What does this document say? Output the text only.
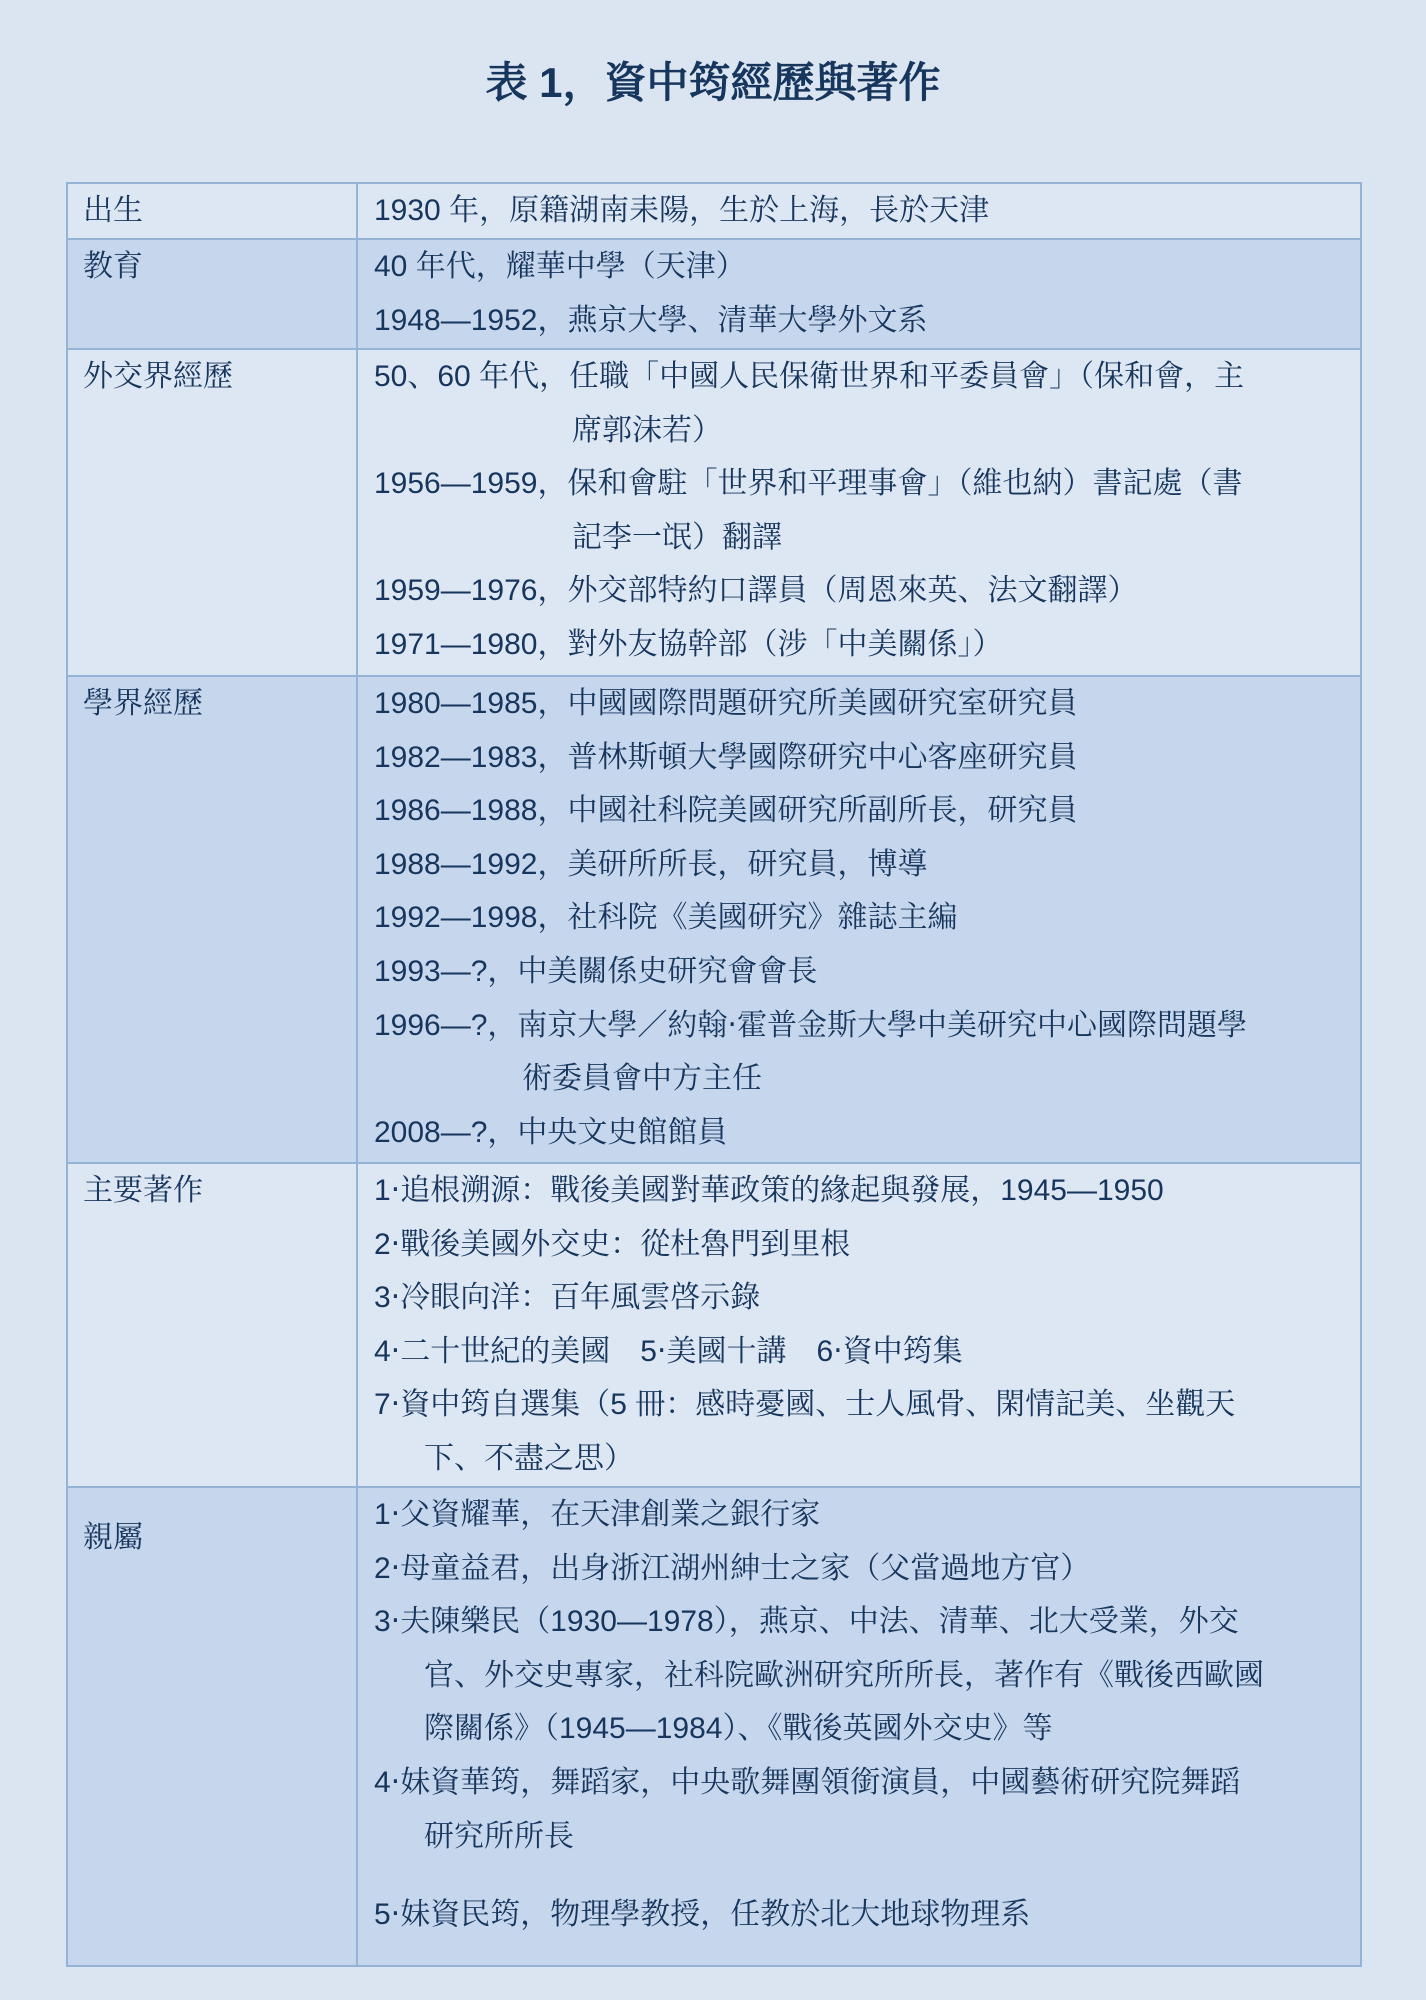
表 1，資中筠經歷與著作
出生	1930 年，原籍湖南耒陽，生於上海，長於天津
教育	40 年代，耀華中學（天津）
1948—1952，燕京大學、清華大學外文系
外交界經歷	50、60 年代，任職「中國人民保衛世界和平委員會」（保和會，主
席郭沫若）
1956—1959，保和會駐「世界和平理事會」（維也納）書記處（書
記李一氓）翻譯
1959—1976，外交部特約口譯員（周恩來英、法文翻譯）
1971—1980，對外友協幹部（涉「中美關係」）
學界經歷	1980—1985，中國國際問題研究所美國研究室研究員
1982—1983，普林斯頓大學國際研究中心客座研究員
1986—1988，中國社科院美國研究所副所長，研究員
1988—1992，美研所所長，研究員，博導
1992—1998，社科院《美國研究》雜誌主編
1993—?，中美關係史研究會會長
1996—?，南京大學／約翰‧霍普金斯大學中美研究中心國際問題學
術委員會中方主任
2008—?，中央文史館館員
主要著作	1‧追根溯源：戰後美國對華政策的緣起與發展，1945—1950
2‧戰後美國外交史：從杜魯門到里根
3‧冷眼向洋：百年風雲啓示錄
4‧二十世紀的美國　5‧美國十講　6‧資中筠集
7‧資中筠自選集（5 冊：感時憂國、士人風骨、閑情記美、坐觀天
下、不盡之思）
親屬
1‧父資耀華，在天津創業之銀行家
2‧母童益君，出身浙江湖州紳士之家（父當過地方官）
3‧夫陳樂民（1930—1978），燕京、中法、清華、北大受業，外交
官、外交史專家，社科院歐洲研究所所長，著作有《戰後西歐國
際關係》（1945—1984）、《戰後英國外交史》等
4‧妹資華筠，舞蹈家，中央歌舞團領銜演員，中國藝術研究院舞蹈
研究所所長
5‧妹資民筠，物理學教授，任教於北大地球物理系
